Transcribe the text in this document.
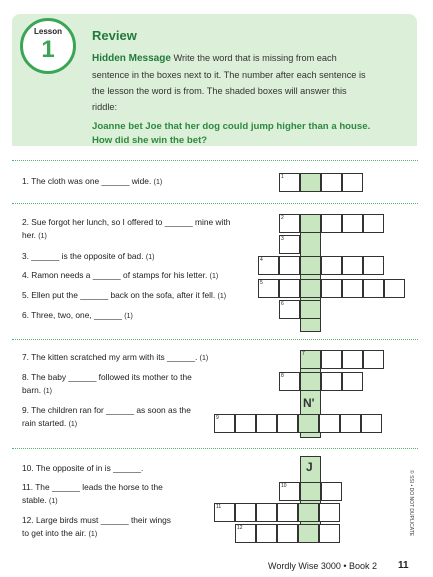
Lesson
1
Review
Hidden Message Write the word that is missing from each sentence in the boxes next to it. The number after each sentence is the lesson the word is from. The shaded boxes will answer this riddle:
Joanne bet Joe that her dog could jump higher than a house. How did she win the bet?
1. The cloth was one ______ wide. (1)
2. Sue forgot her lunch, so I offered to ______ mine with her. (1)
3. ______ is the opposite of bad. (1)
4. Ramon needs a ______ of stamps for his letter. (1)
5. Ellen put the ______ back on the sofa, after it fell. (1)
6. Three, two, one, ______ (1)
7. The kitten scratched my arm with its ______. (1)
8. The baby ______ followed its mother to the barn. (1)
9. The children ran for ______ as soon as the rain started. (1)
10. The opposite of in is ______.
11. The ______ leads the horse to the stable. (1)
12. Large birds must ______ their wings to get into the air. (1)
1
2
3
4
5
6
7
8
9
10
11
12
N'
J
Wordly Wise 3000 • Book 2 11
© SSI • DO NOT DUPLICATE
